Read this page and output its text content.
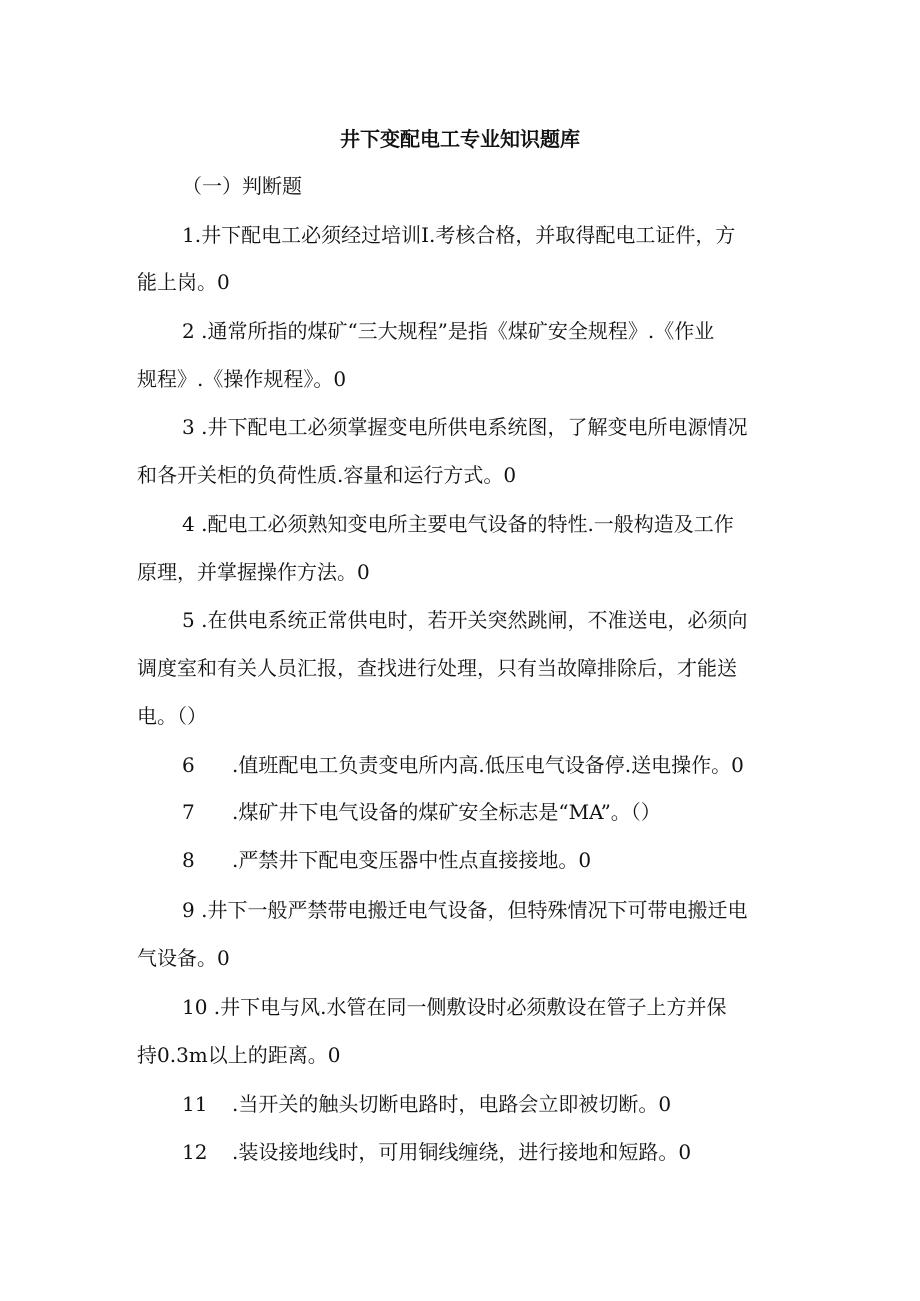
井下变配电工专业知识题库

（一）判断题

1.井下配电工必须经过培训I.考核合格，并取得配电工证件，方

能上岗。0

2 .通常所指的煤矿“三大规程”是指《煤矿安全规程》.《作业

规程》.《操作规程》。0

3 .井下配电工必须掌握变电所供电系统图，了解变电所电源情况

和各开关柜的负荷性质.容量和运行方式。0

4 .配电工必须熟知变电所主要电气设备的特性.一般构造及工作

原理，并掌握操作方法。0

5 .在供电系统正常供电时，若开关突然跳闸，不准送电，必须向

调度室和有关人员汇报，查找进行处理，只有当故障排除后，才能送

电。（）

6 .值班配电工负责变电所内高.低压电气设备停.送电操作。0
7 .煤矿井下电气设备的煤矿安全标志是“MA”。（）
8 .严禁井下配电变压器中性点直接接地。0

9 .井下一般严禁带电搬迁电气设备，但特殊情况下可带电搬迁电

气设备。0

10 .井下电与风.水管在同一侧敷设时必须敷设在管子上方并保

持0.3m以上的距离。0

11 .当开关的触头切断电路时，电路会立即被切断。0
12 .装设接地线时，可用铜线缠绕，进行接地和短路。0
